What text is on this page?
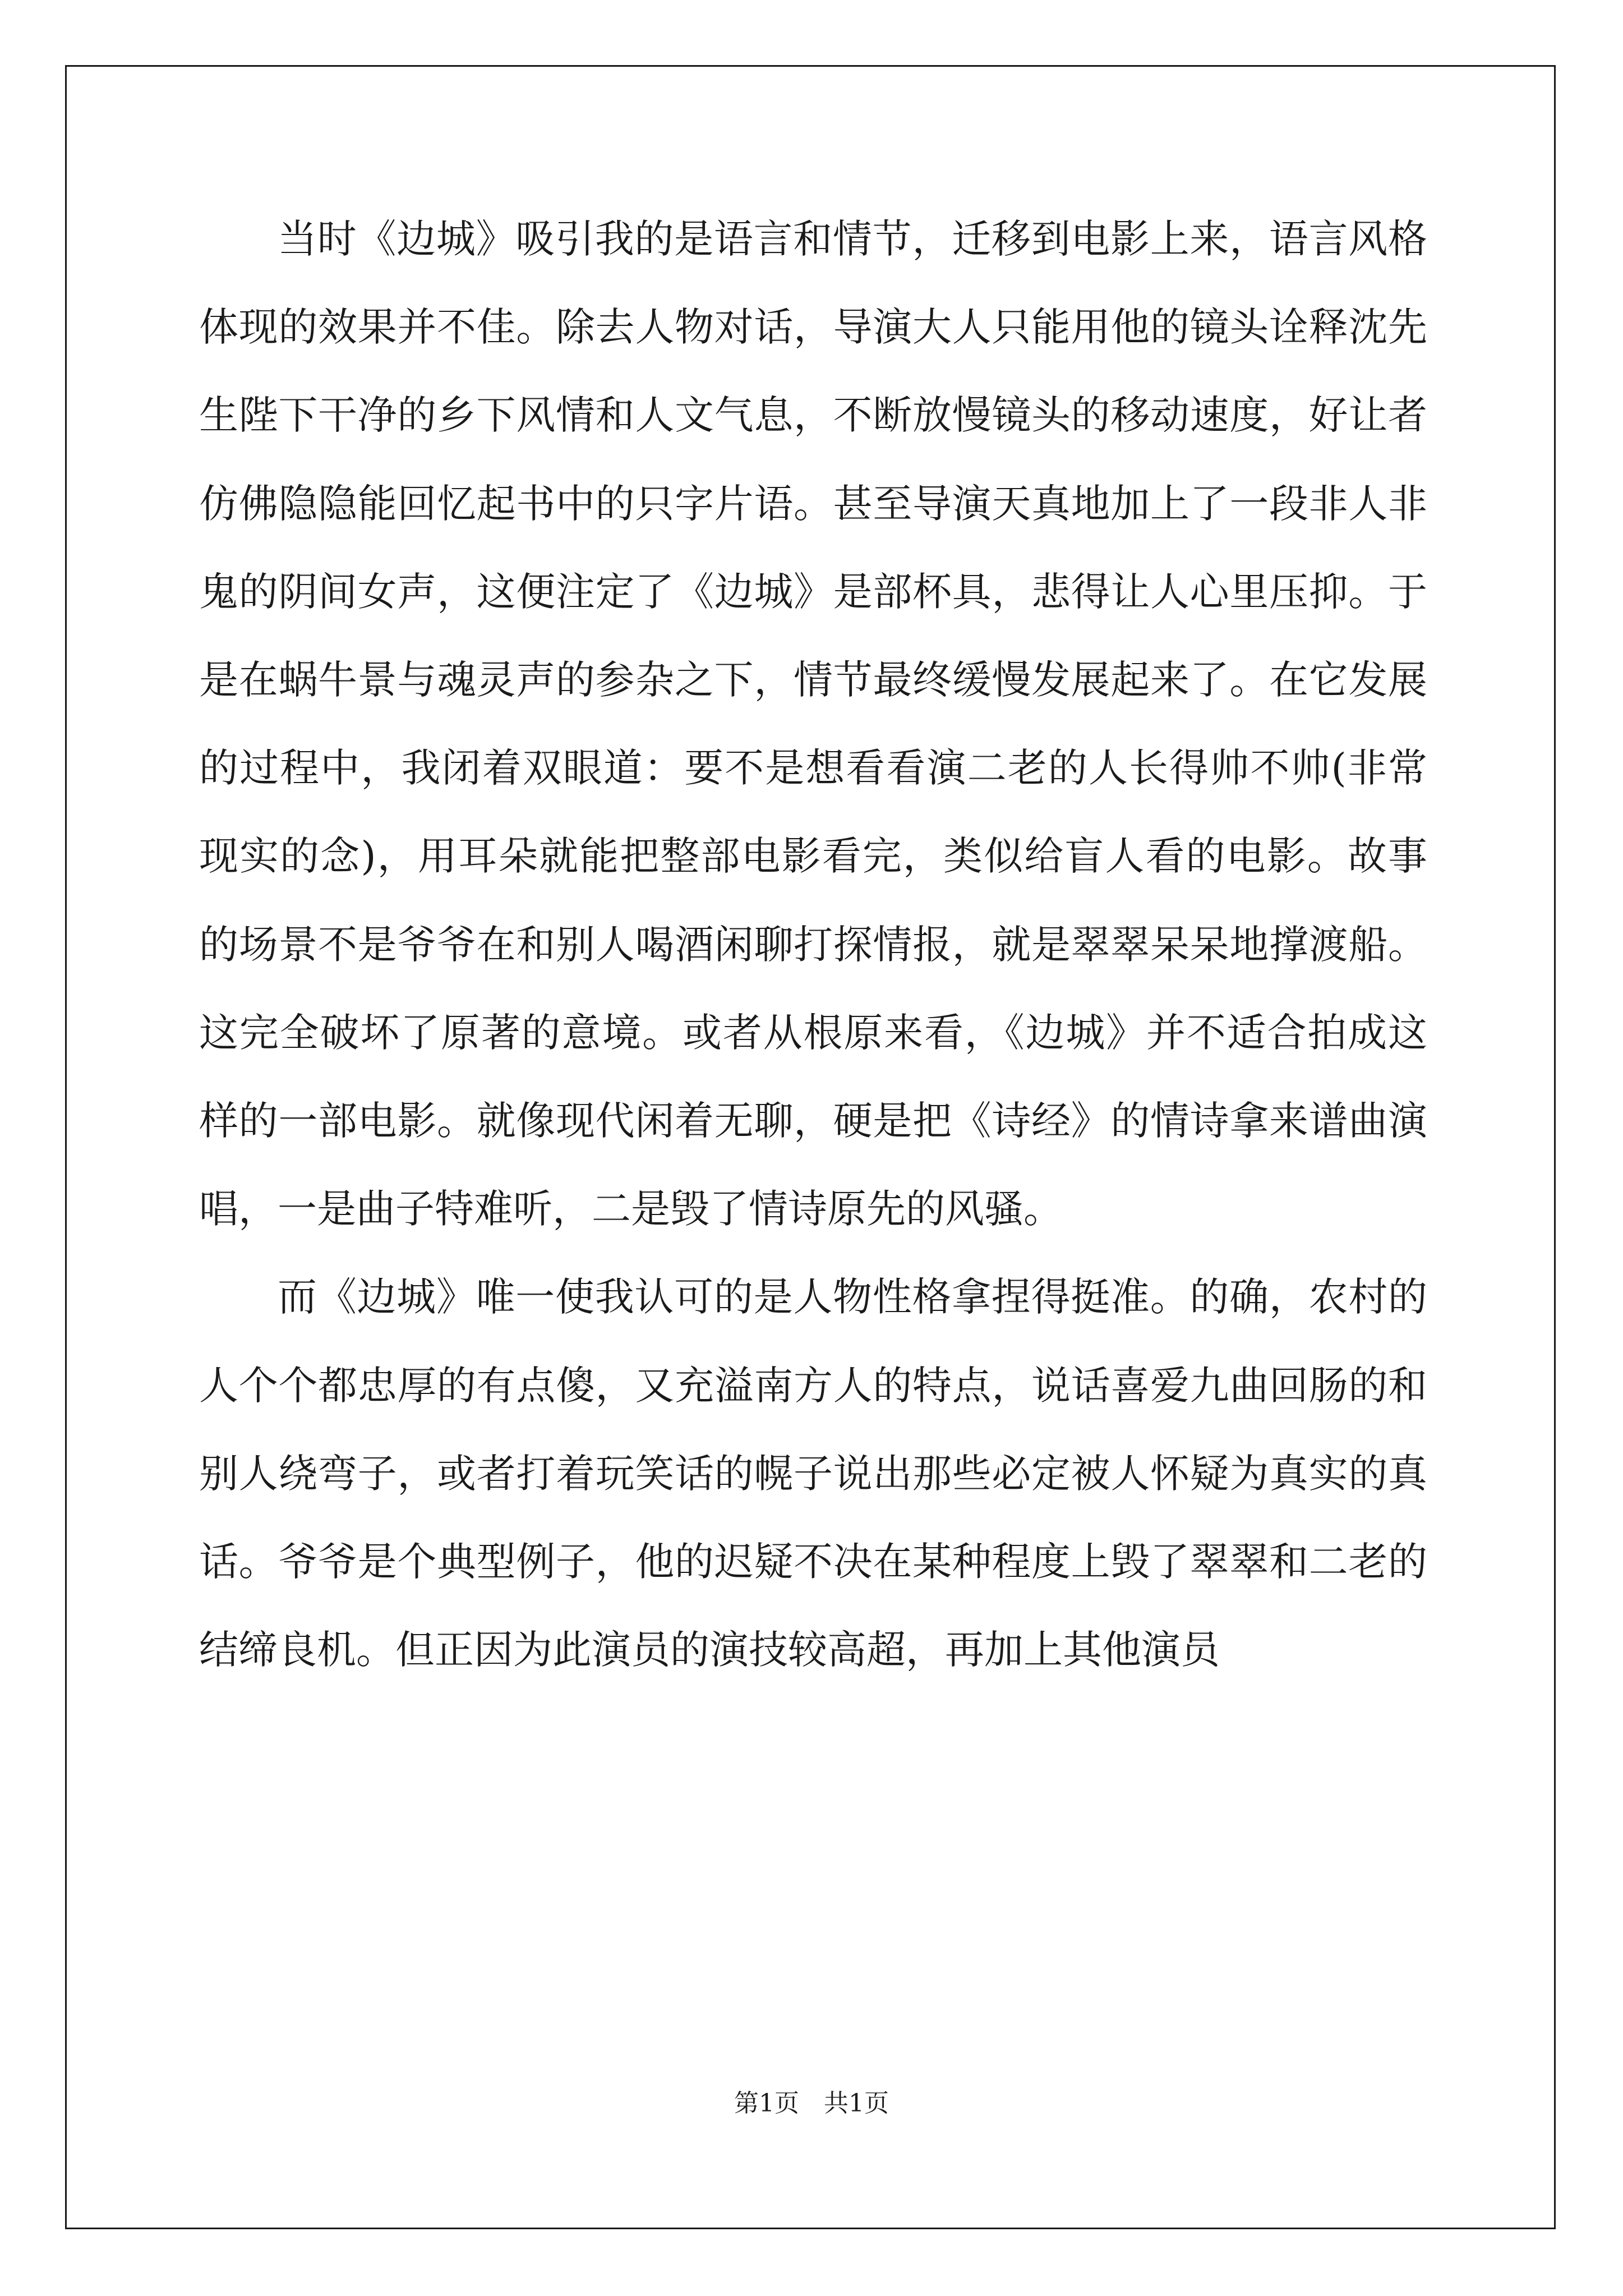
当时《边城》吸引我的是语言和情节，迁移到电影上来，语言风格体现的效果并不佳。除去人物对话，导演大人只能用他的镜头诠释沈先生陛下干净的乡下风情和人文气息，不断放慢镜头的移动速度，好让者仿佛隐隐能回忆起书中的只字片语。甚至导演天真地加上了一段非人非鬼的阴间女声，这便注定了《边城》是部杯具，悲得让人心里压抑。于是在蜗牛景与魂灵声的参杂之下，情节最终缓慢发展起来了。在它发展的过程中，我闭着双眼道：要不是想看看演二老的人长得帅不帅(非常现实的念)，用耳朵就能把整部电影看完，类似给盲人看的电影。故事的场景不是爷爷在和别人喝酒闲聊打探情报，就是翠翠呆呆地撑渡船。这完全破坏了原著的意境。或者从根原来看，《边城》并不适合拍成这样的一部电影。就像现代闲着无聊，硬是把《诗经》的情诗拿来谱曲演唱，一是曲子特难听，二是毁了情诗原先的风骚。

而《边城》唯一使我认可的是人物性格拿捏得挺准。的确，农村的人个个都忠厚的有点傻，又充溢南方人的特点，说话喜爱九曲回肠的和别人绕弯子，或者打着玩笑话的幌子说出那些必定被人怀疑为真实的真话。爷爷是个典型例子，他的迟疑不决在某种程度上毁了翠翠和二老的结缔良机。但正因为此演员的演技较高超，再加上其他演员

第1页　共1页
